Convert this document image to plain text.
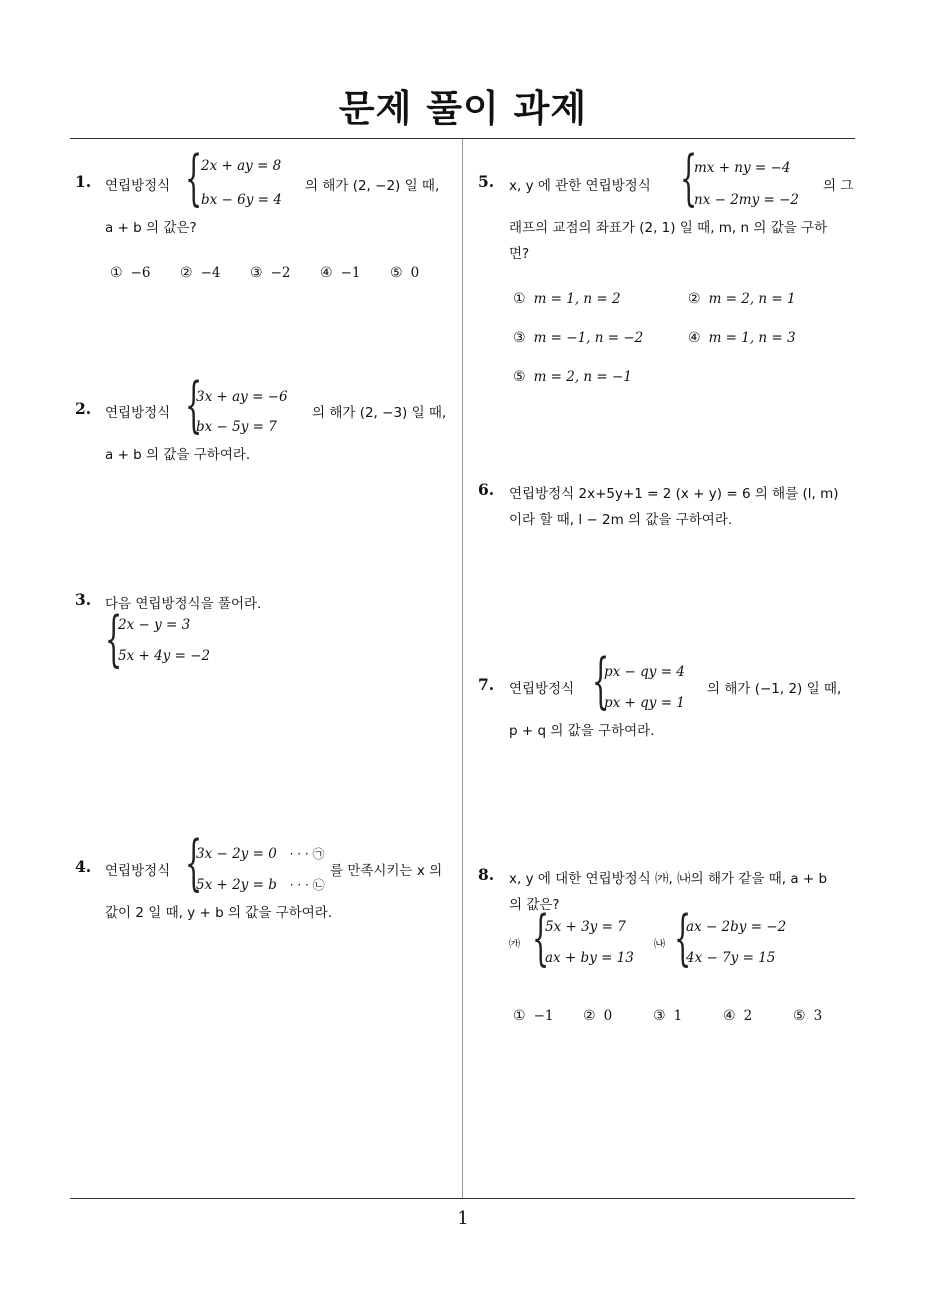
문제 풀이 과제
1. 연립방정식 {
2x + ay = 8
bx − 6y = 4
의 해가 (2, −2) 일 때,
a + b 의 값은?
① −6 ② −4 ③ −2 ④ −1 ⑤ 0
2. 연립방정식 {
3x + ay = −6
bx − 5y = 7
의 해가 (2, −3) 일 때,
a + b 의 값을 구하여라.
3. 다음 연립방정식을 풀어라.
{
2x − y = 3
5x + 4y = −2
4. 연립방정식 {
3x − 2y = 0 · · · ㉠
5x + 2y = b · · · ㉡
를 만족시키는 x 의
값이 2 일 때, y + b 의 값을 구하여라.
5. x, y 에 관한 연립방정식 {
mx + ny = −4
nx − 2my = −2
의 그
래프의 교점의 좌표가 (2, 1) 일 때, m, n 의 값을 구하
면?
① m = 1, n = 2	② m = 2, n = 1
③ m = −1, n = −2	④ m = 1, n = 3
⑤ m = 2, n = −1
6. 연립방정식 2x+5y+1 = 2 (x + y) = 6 의 해를 (l, m)
이라 할 때, l − 2m 의 값을 구하여라.
7. 연립방정식 {
px − qy = 4
px + qy = 1
의 해가 (−1, 2) 일 때,
p + q 의 값을 구하여라.
8. x, y 에 대한 연립방정식 ㈎, ㈏의 해가 같을 때, a + b
의 값은?
㈎ {
5x + 3y = 7
ax + by = 13
㈏ {
ax − 2by = −2
4x − 7y = 15
① −1 ② 0	③ 1	④ 2	⑤ 3
1
